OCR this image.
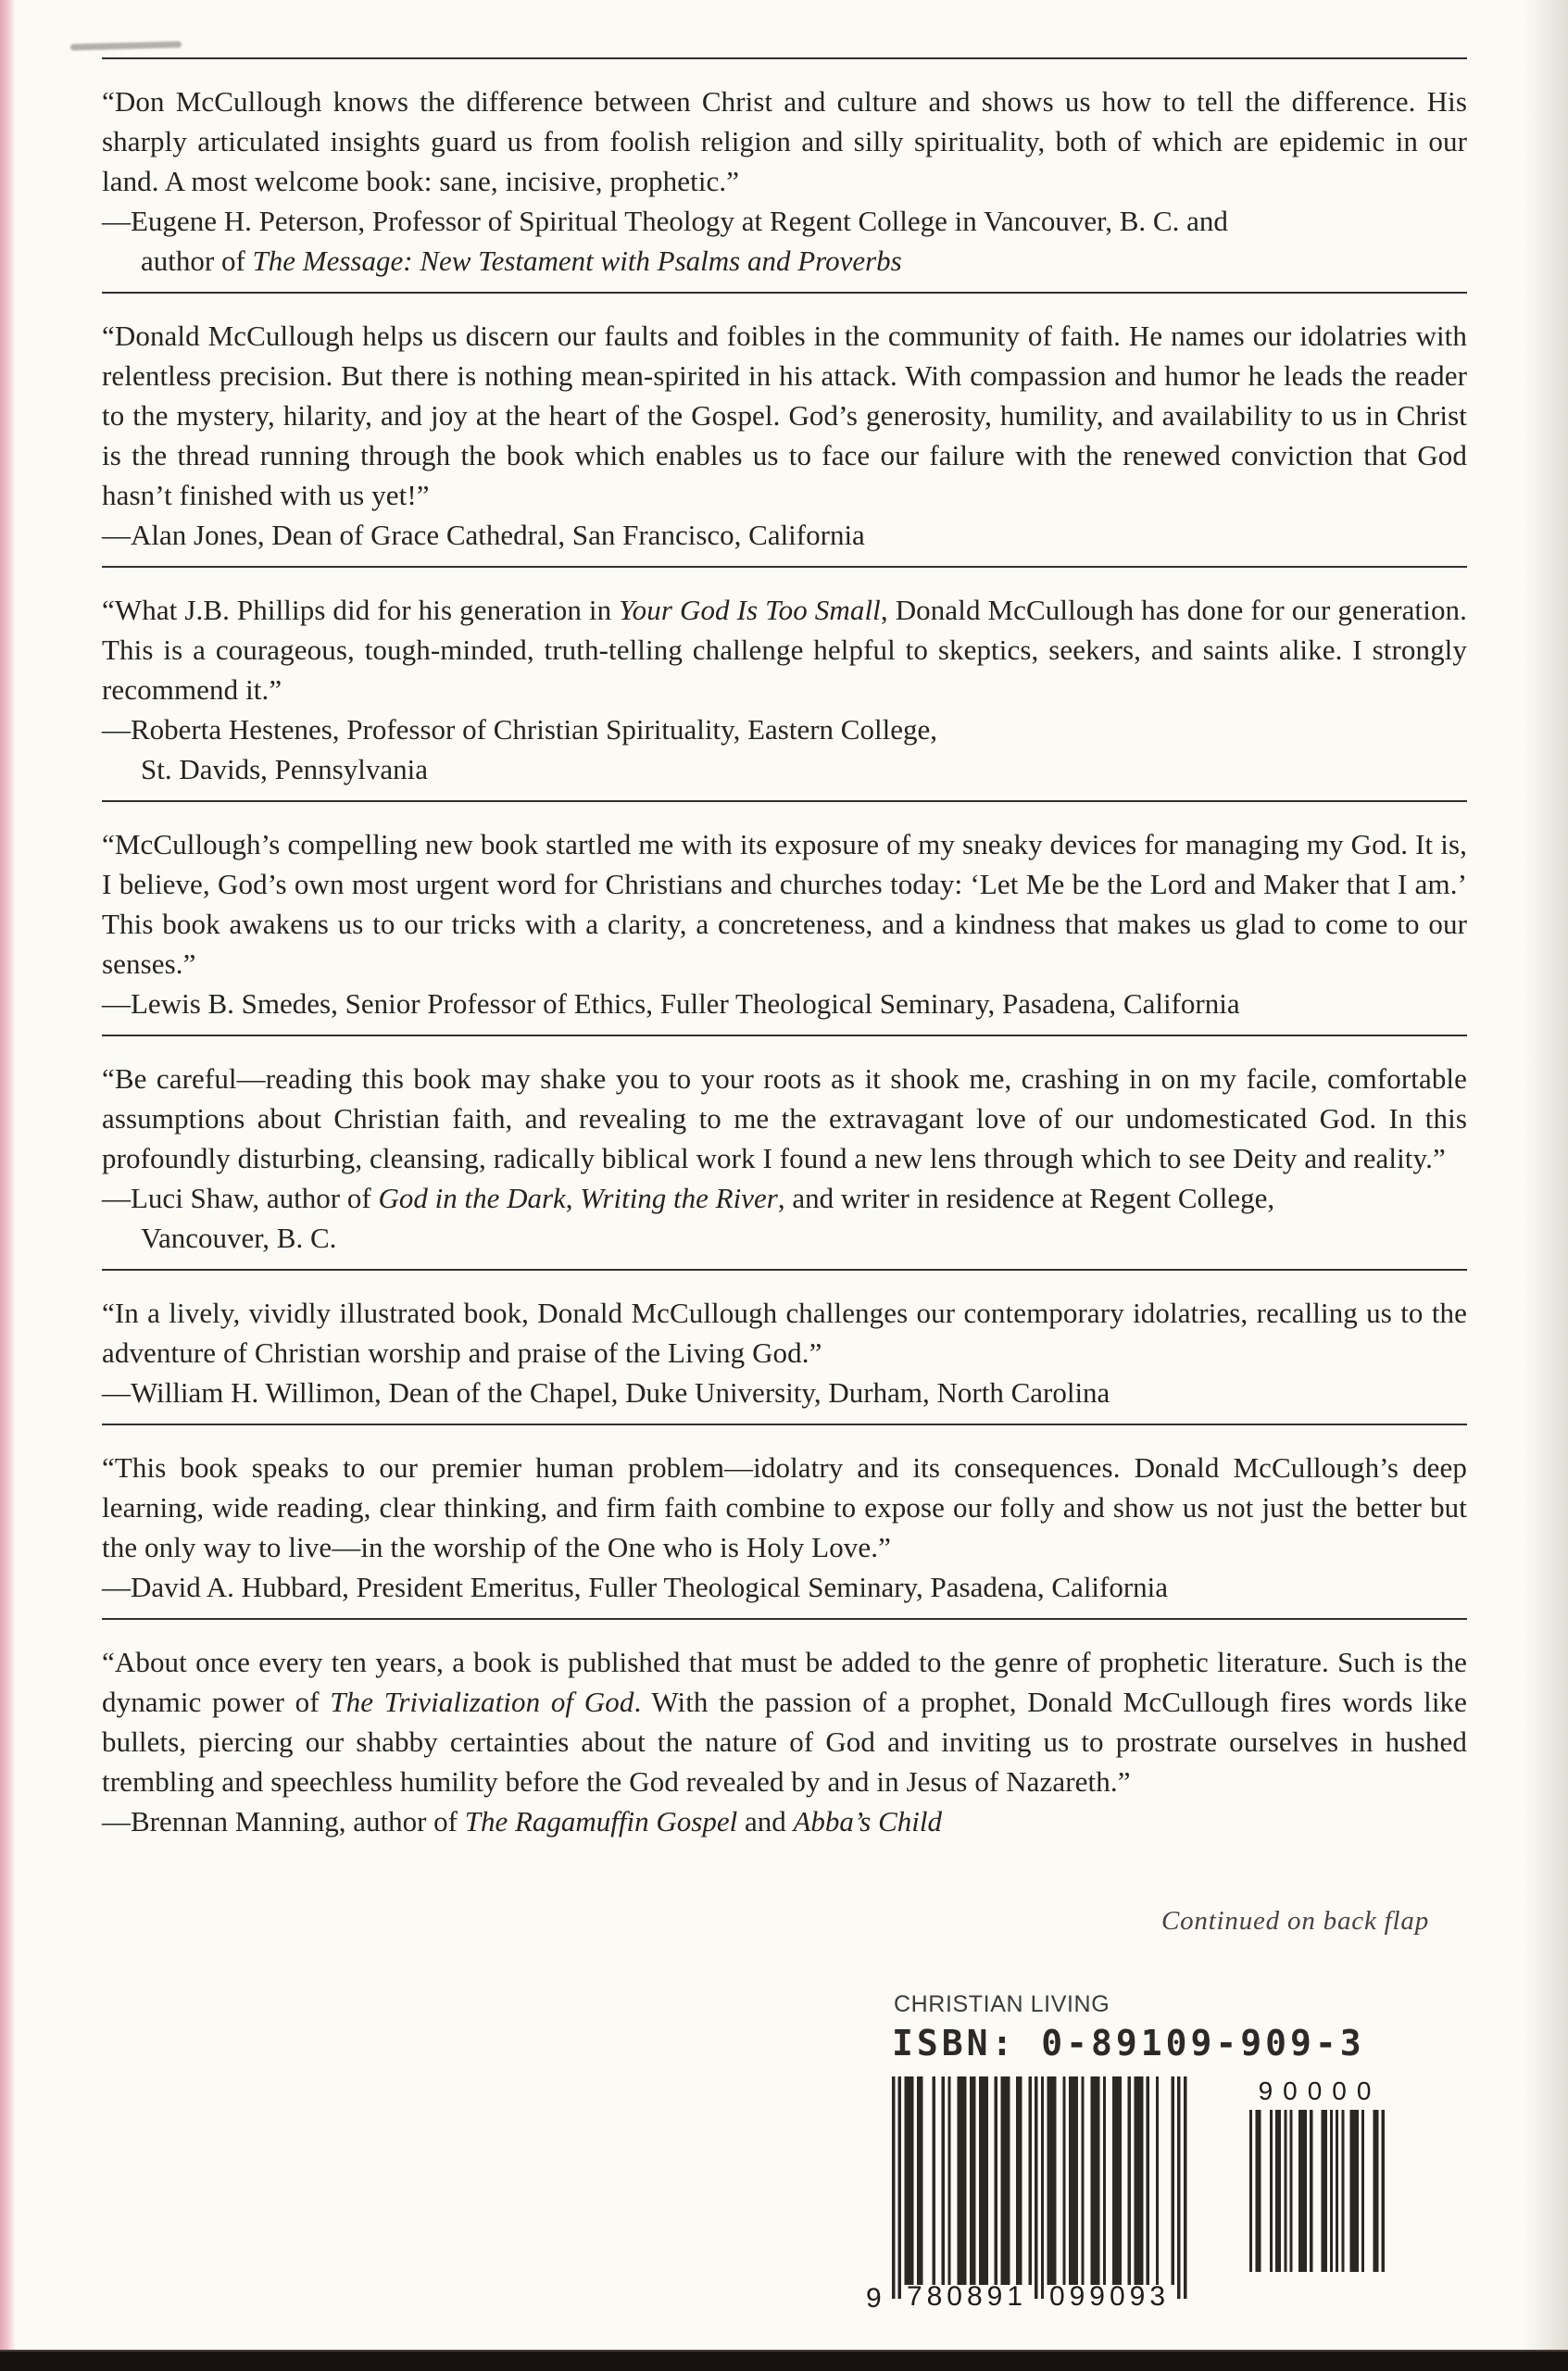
“Don McCullough knows the difference between Christ and culture and shows us how to tell the difference. His sharply articulated insights guard us from foolish religion and silly spirituality, both of which are epidemic in our land. A most welcome book: sane, incisive, prophetic.”

—Eugene H. Peterson, Professor of Spiritual Theology at Regent College in Vancouver, B. C. and

author of The Message: New Testament with Psalms and Proverbs

“Donald McCullough helps us discern our faults and foibles in the community of faith. He names our idolatries with relentless precision. But there is nothing mean-spirited in his attack. With compassion and humor he leads the reader to the mystery, hilarity, and joy at the heart of the Gospel. God’s generosity, humility, and availability to us in Christ is the thread running through the book which enables us to face our failure with the renewed conviction that God hasn’t finished with us yet!”

—Alan Jones, Dean of Grace Cathedral, San Francisco, California

“What J.B. Phillips did for his generation in Your God Is Too Small, Donald McCullough has done for our generation. This is a courageous, tough-minded, truth-telling challenge helpful to skeptics, seekers, and saints alike. I strongly recommend it.”

—Roberta Hestenes, Professor of Christian Spirituality, Eastern College,

St. Davids, Pennsylvania

“McCullough’s compelling new book startled me with its exposure of my sneaky devices for managing my God. It is, I believe, God’s own most urgent word for Christians and churches today: ‘Let Me be the Lord and Maker that I am.’ This book awakens us to our tricks with a clarity, a concreteness, and a kindness that makes us glad to come to our senses.”

—Lewis B. Smedes, Senior Professor of Ethics, Fuller Theological Seminary, Pasadena, California

“Be careful—reading this book may shake you to your roots as it shook me, crashing in on my facile, comfortable assumptions about Christian faith, and revealing to me the extravagant love of our undomesticated God. In this profoundly disturbing, cleansing, radically biblical work I found a new lens through which to see Deity and reality.”

—Luci Shaw, author of God in the Dark, Writing the River, and writer in residence at Regent College,

Vancouver, B. C.

“In a lively, vividly illustrated book, Donald McCullough challenges our contemporary idolatries, recalling us to the adventure of Christian worship and praise of the Living God.”

—William H. Willimon, Dean of the Chapel, Duke University, Durham, North Carolina

“This book speaks to our premier human problem—idolatry and its consequences. Donald McCullough’s deep learning, wide reading, clear thinking, and firm faith combine to expose our folly and show us not just the better but the only way to live—in the worship of the One who is Holy Love.”

—David A. Hubbard, President Emeritus, Fuller Theological Seminary, Pasadena, California

“About once every ten years, a book is published that must be added to the genre of prophetic literature. Such is the dynamic power of The Trivialization of God. With the passion of a prophet, Donald McCullough fires words like bullets, piercing our shabby certainties about the nature of God and inviting us to prostrate ourselves in hushed trembling and speechless humility before the God revealed by and in Jesus of Nazareth.”

—Brennan Manning, author of The Ragamuffin Gospel and Abba’s Child

Continued on back flap

CHRISTIAN LIVING

ISBN: 0-89109-909-3

9 780891 099093

90000
